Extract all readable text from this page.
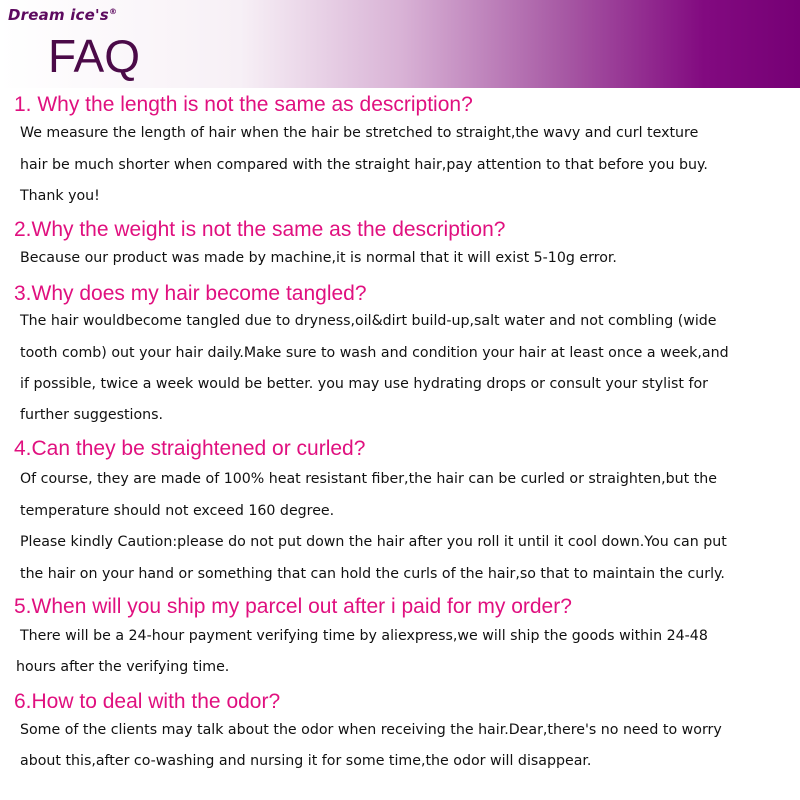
Dream ice's®
FAQ
1. Why the length is not the same as description?
We measure the length of hair when the hair be stretched to straight,the wavy and curl texture
hair be much shorter when compared with the straight hair,pay attention to that before you buy.
Thank you!
2.Why the weight is not the same as the description?
Because our product was made by machine,it is normal that it will exist 5-10g error.
3.Why does my hair become tangled?
The hair wouldbecome tangled due to dryness,oil&dirt build-up,salt water and not combling (wide
tooth comb) out your hair daily.Make sure to wash and condition your hair at least once a week,and
if possible, twice a week would be better. you may use hydrating drops or consult your stylist for
further suggestions.
4.Can they be straightened or curled?
Of course, they are made of 100% heat resistant fiber,the hair can be curled or straighten,but the
temperature should not exceed 160 degree.
Please kindly Caution:please do not put down the hair after you roll it until it cool down.You can put
the hair on your hand or something that can hold the curls of the hair,so that to maintain the curly.
5.When will you ship my parcel out after i paid for my order?
There will be a 24-hour payment verifying time by aliexpress,we will ship the goods within 24-48
hours after the verifying time.
6.How to deal with the odor?
Some of the clients may talk about the odor when receiving the hair.Dear,there's no need to worry
about this,after co-washing and nursing it for some time,the odor will disappear.
